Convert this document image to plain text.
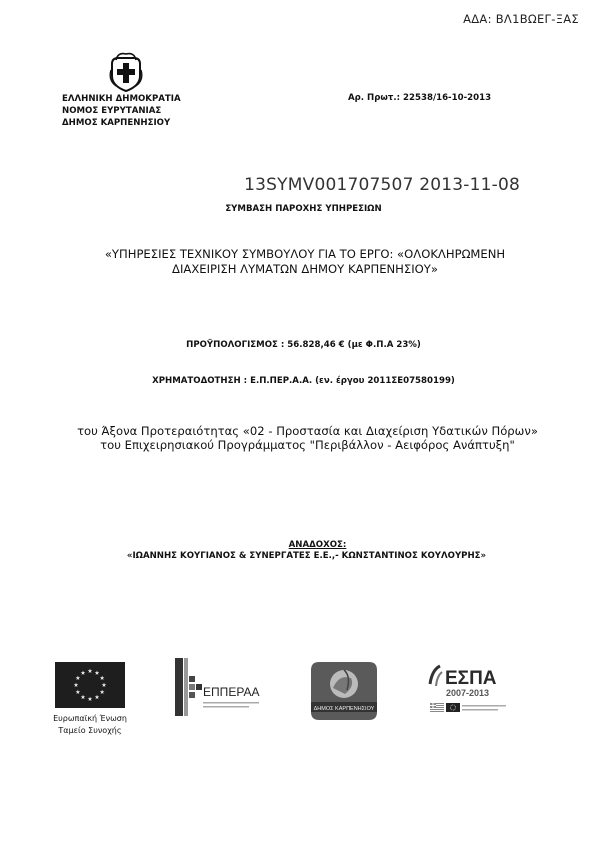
ΑΔΑ: ΒΛ1ΒΩΕΓ-ΞΑΣ
ΕΛΛΗΝΙΚΗ ΔΗΜΟΚΡΑΤΙΑ
ΝΟΜΟΣ ΕΥΡΥΤΑΝΙΑΣ
ΔΗΜΟΣ ΚΑΡΠΕΝΗΣΙΟΥ
Αρ. Πρωτ.: 22538/16-10-2013
13SYMV001707507 2013-11-08
ΣΥΜΒΑΣΗ ΠΑΡΟΧΗΣ ΥΠΗΡΕΣΙΩΝ
«ΥΠΗΡΕΣΙΕΣ ΤΕΧΝΙΚΟΥ ΣΥΜΒΟΥΛΟΥ ΓΙΑ ΤΟ ΕΡΓΟ: «ΟΛΟΚΛΗΡΩΜΕΝΗ
ΔΙΑΧΕΙΡΙΣΗ ΛΥΜΑΤΩΝ ΔΗΜΟΥ ΚΑΡΠΕΝΗΣΙΟΥ»
ΠΡΟΫΠΟΛΟΓΙΣΜΟΣ : 56.828,46 € (με Φ.Π.Α 23%)
ΧΡΗΜΑΤΟΔΟΤΗΣΗ : Ε.Π.ΠΕΡ.Α.Α. (εν. έργου 2011ΣΕ07580199)
του Άξονα Προτεραιότητας «02 - Προστασία και Διαχείριση Υδατικών Πόρων»
του Επιχειρησιακού Προγράμματος "Περιβάλλον - Αειφόρος Ανάπτυξη"
ΑΝΑΔΟΧΟΣ:
«ΙΩΑΝΝΗΣ ΚΟΥΓΙΑΝΟΣ & ΣΥΝΕΡΓΑΤΕΣ Ε.Ε.,- ΚΩΝΣΤΑΝΤΙΝΟΣ ΚΟΥΛΟΥΡΗΣ»
Ευρωπαϊκή Ένωση
Ταμείο Συνοχής
ΕΠΠΕΡΑΑ
ΔΗΜΟΣ ΚΑΡΠΕΝΗΣΙΟΥ
ΕΣΠΑ
2007-2013
